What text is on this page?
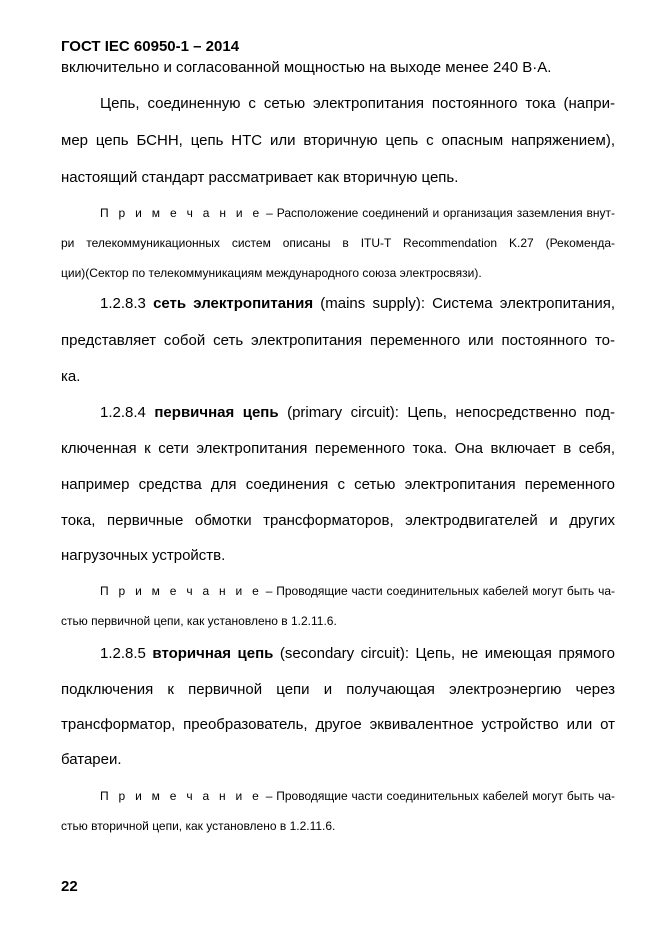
ГОСТ IEC 60950-1 – 2014
включительно и согласованной мощностью на выходе менее 240 В·А.
Цепь, соединенную с сетью электропитания постоянного тока (напри-
мер цепь БСНН, цепь НТС или вторичную цепь с опасным напряжением),
настоящий стандарт рассматривает как вторичную цепь.
П р и м е ч а н и е – Расположение соединений и организация заземления внут-
ри телекоммуникационных систем описаны в ITU-T Recommendation K.27 (Рекоменда-
ции)(Сектор по телекоммуникациям международного союза электросвязи).
1.2.8.3 сеть электропитания (mains supply): Система электропитания,
представляет собой сеть электропитания переменного или постоянного то-
ка.
1.2.8.4 первичная цепь (primary circuit): Цепь, непосредственно под-
ключенная к сети электропитания переменного тока. Она включает в себя,
например средства для соединения с сетью электропитания переменного
тока, первичные обмотки трансформаторов, электродвигателей и других
нагрузочных устройств.
П р и м е ч а н и е – Проводящие части соединительных кабелей могут быть ча-
стью первичной цепи, как установлено в 1.2.11.6.
1.2.8.5 вторичная цепь (secondary circuit): Цепь, не имеющая прямого
подключения к первичной цепи и получающая электроэнергию через
трансформатор, преобразователь, другое эквивалентное устройство или от
батареи.
П р и м е ч а н и е – Проводящие части соединительных кабелей могут быть ча-
стью вторичной цепи, как установлено в 1.2.11.6.
22
